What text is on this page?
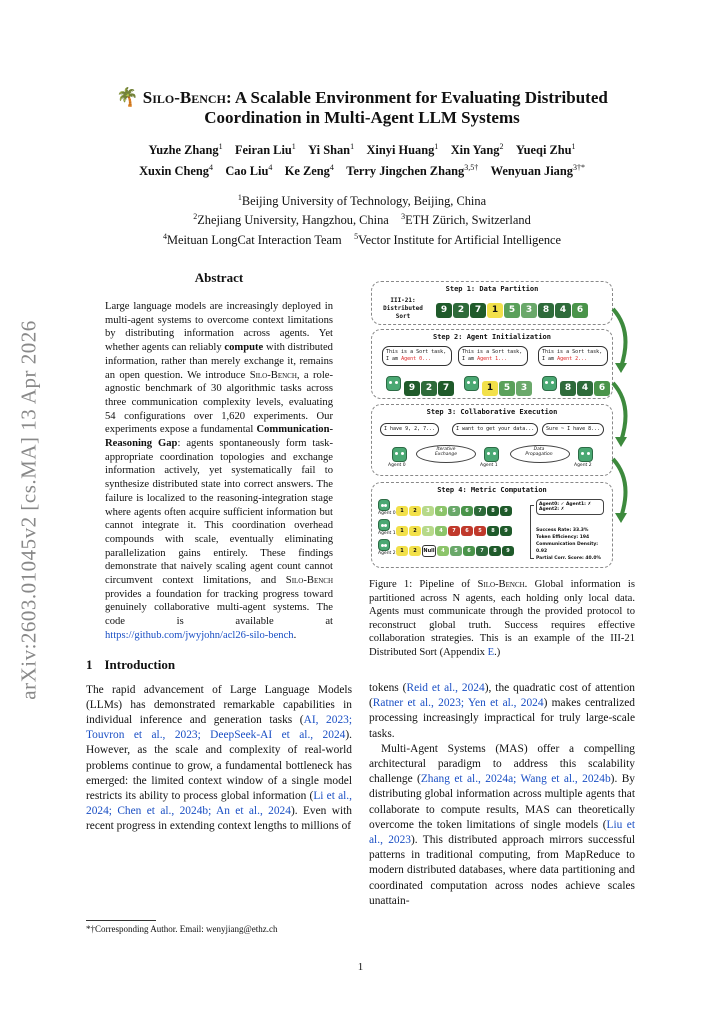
arXiv:2603.01045v2 [cs.MA] 13 Apr 2026
🌴 Silo-Bench: A Scalable Environment for Evaluating Distributed
Coordination in Multi-Agent LLM Systems
Yuzhe Zhang$^1$ Feiran Liu$^1$ Yi Shan$^1$ Xinyi Huang$^1$ Xin Yang$^2$ Yueqi Zhu$^1$
Xuxin Cheng$^4$ Cao Liu$^4$ Ke Zeng$^4$ Terry Jingchen Zhang$^{3,5\dagger}$ Wenyuan Jiang$^{3\dagger*}$
$^1$Beijing University of Technology, Beijing, China
$^2$Zhejiang University, Hangzhou, China $^3$ETH Zürich, Switzerland
$^4$Meituan LongCat Interaction Team $^5$Vector Institute for Artificial Intelligence
Abstract
Large language models are increasingly deployed in multi-agent systems to overcome context limitations by distributing information across agents. Yet whether agents can reliably compute with distributed information, rather than merely exchange it, remains an open question. We introduce Silo-Bench, a role-agnostic benchmark of 30 algorithmic tasks across three communication complexity levels, evaluating 54 configurations over 1,620 experiments. Our experiments expose a fundamental Communication-Reasoning Gap: agents spontaneously form task-appropriate coordination topologies and exchange information actively, yet systematically fail to synthesize distributed state into correct answers. The failure is localized to the reasoning-integration stage where agents often acquire sufficient information but cannot integrate it. This coordination overhead compounds with scale, eventually eliminating parallelization gains entirely. These findings demonstrate that naively scaling agent count cannot circumvent context limitations, and Silo-Bench provides a foundation for tracking progress toward genuinely collaborative multi-agent systems. The code is available at https://github.com/jwyjohn/acl26-silo-bench.
1 Introduction
The rapid advancement of Large Language Models (LLMs) has demonstrated remarkable capabilities in individual inference and generation tasks (AI, 2023; Touvron et al., 2023; DeepSeek-AI et al., 2024). However, as the scale and complexity of real-world problems continue to grow, a fundamental bottleneck has emerged: the limited context window of a single model restricts its ability to process global information (Li et al., 2024; Chen et al., 2024b; An et al., 2024). Even with recent progress in extending context lengths to millions of
*†Corresponding Author. Email: wenyjiang@ethz.ch
Step 1: Data Partition
III-21:
Distributed Sort
9 2 7 1 5 3 8 4 6
Step 2: Agent Initialization
This is a Sort task, I am Agent 0...
This is a Sort task, I am Agent 1...
This is a Sort task, I am Agent 2...
9 2 7	1 5 3	8 4 6
Step 3: Collaborative Execution
I have 9, 2, 7...	I want to get your data...	Sure ~ I have 8...
Iterative Exchange
Data Propagation
Agent 0	Agent 1	Agent 2
Step 4: Metric Computation
Agent 0 1 2 3 4 5 6 7 8 9
Agent 1 1 2 3 4 7 6 5 8 9
Agent 2 1 2 Null 4 5 6 7 8 9
Agent0: ✓ Agent1: ✗
Agent2: ✗
Success Rate: 33.3%
Token Efficiency: 194
Communication Density: 0.92
Partial Corr. Score: 40.0%
Figure 1: Pipeline of Silo-Bench. Global information is partitioned across N agents, each holding only local data. Agents must communicate through the provided protocol to reconstruct global truth. Success requires effective collaboration strategies. This is an example of the III-21 Distributed Sort (Appendix E.)
tokens (Reid et al., 2024), the quadratic cost of attention (Ratner et al., 2023; Yen et al., 2024) makes centralized processing increasingly impractical for truly large-scale tasks.
Multi-Agent Systems (MAS) offer a compelling architectural paradigm to address this scalability challenge (Zhang et al., 2024a; Wang et al., 2024b). By distributing global information across multiple agents that collaborate to compute results, MAS can theoretically overcome the token limitations of single models (Liu et al., 2023). This distributed approach mirrors successful patterns in traditional computing, from MapReduce to modern distributed databases, where data partitioning and coordinated computation across nodes achieve scales unattain-
1
